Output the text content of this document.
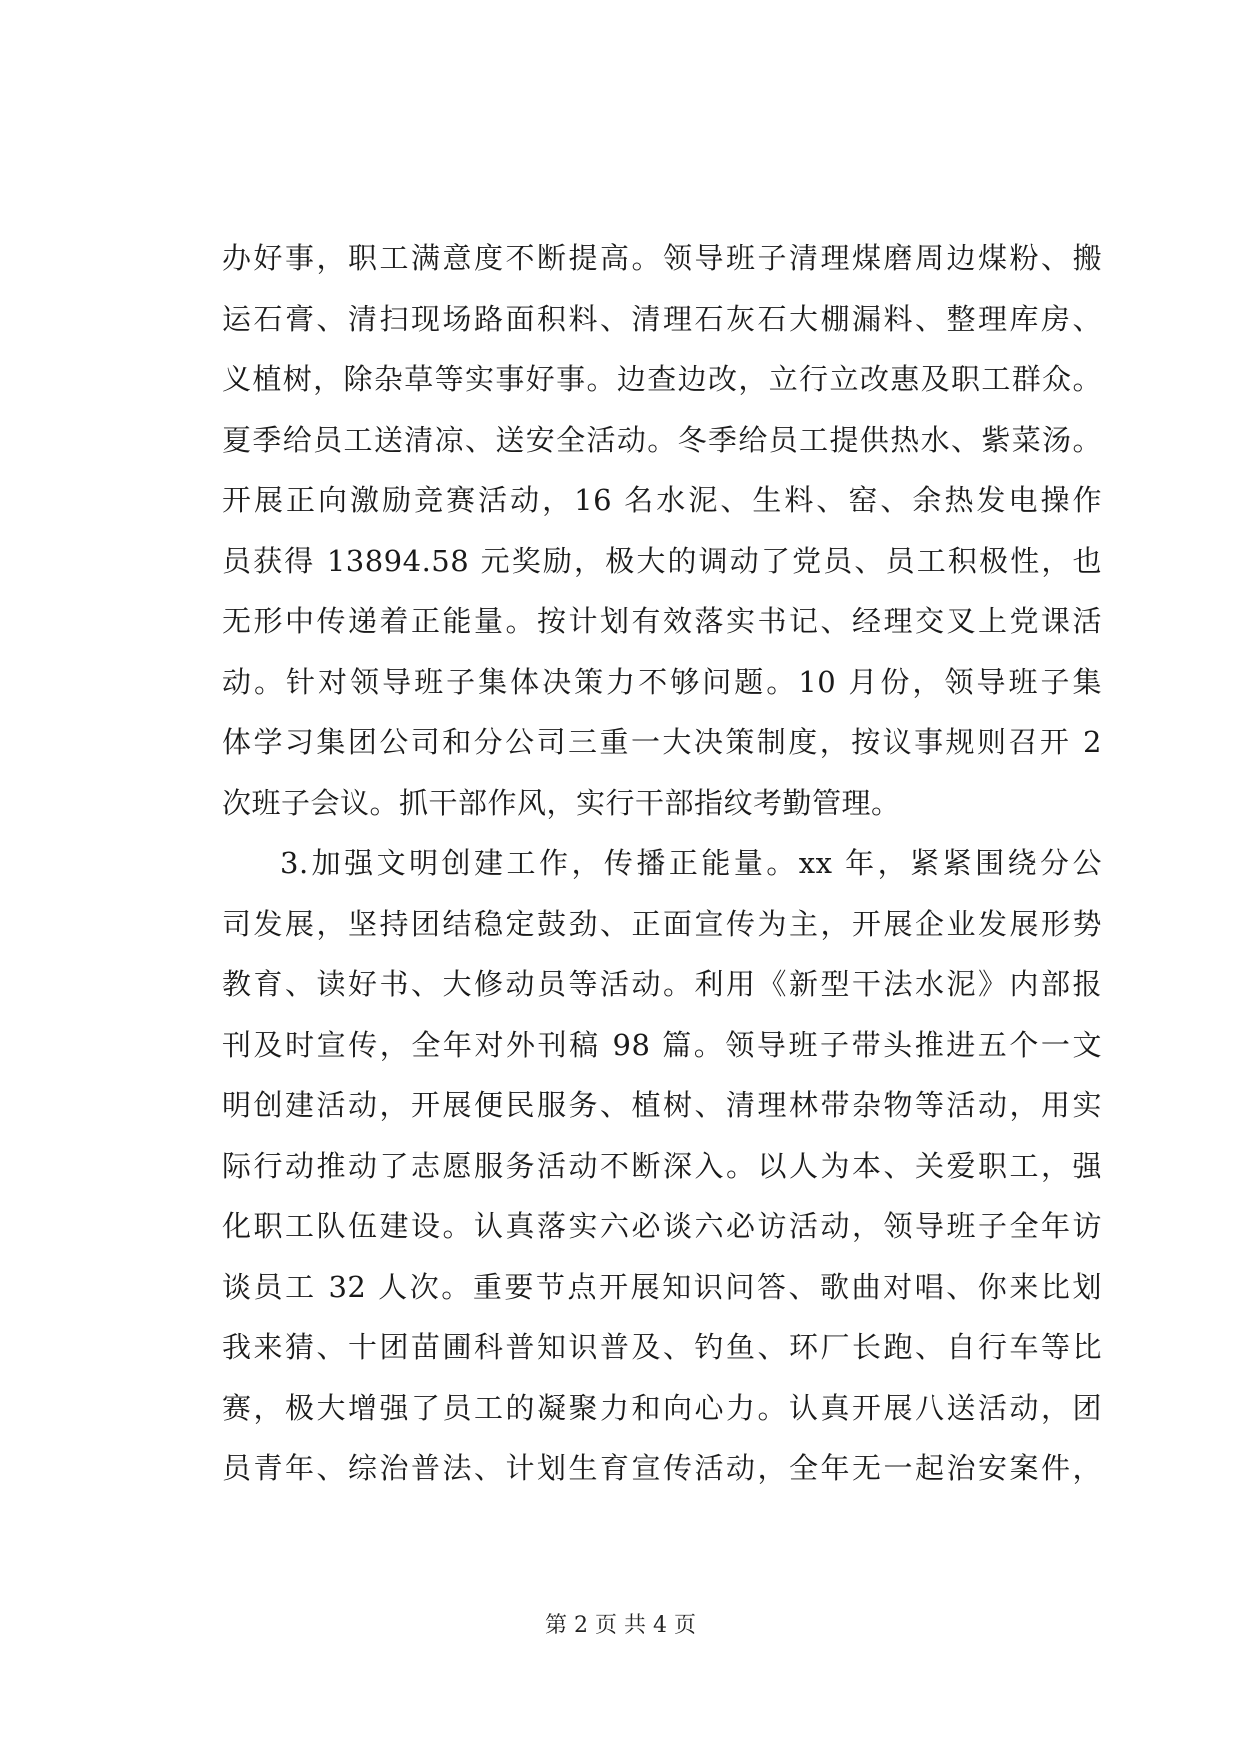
办好事，职工满意度不断提高。领导班子清理煤磨周边煤粉、搬
运石膏、清扫现场路面积料、清理石灰石大棚漏料、整理库房、
义植树，除杂草等实事好事。边查边改，立行立改惠及职工群众。
夏季给员工送清凉、送安全活动。冬季给员工提供热水、紫菜汤。
开展正向激励竞赛活动，16 名水泥、生料、窑、余热发电操作
员获得 13894.58 元奖励，极大的调动了党员、员工积极性，也
无形中传递着正能量。按计划有效落实书记、经理交叉上党课活
动。针对领导班子集体决策力不够问题。10 月份，领导班子集
体学习集团公司和分公司三重一大决策制度，按议事规则召开 2
次班子会议。抓干部作风，实行干部指纹考勤管理。
3.加强文明创建工作，传播正能量。xx 年，紧紧围绕分公
司发展，坚持团结稳定鼓劲、正面宣传为主，开展企业发展形势
教育、读好书、大修动员等活动。利用《新型干法水泥》内部报
刊及时宣传，全年对外刊稿 98 篇。领导班子带头推进五个一文
明创建活动，开展便民服务、植树、清理林带杂物等活动，用实
际行动推动了志愿服务活动不断深入。以人为本、关爱职工，强
化职工队伍建设。认真落实六必谈六必访活动，领导班子全年访
谈员工 32 人次。重要节点开展知识问答、歌曲对唱、你来比划
我来猜、十团苗圃科普知识普及、钓鱼、环厂长跑、自行车等比
赛，极大增强了员工的凝聚力和向心力。认真开展八送活动，团
员青年、综治普法、计划生育宣传活动，全年无一起治安案件，
第 2 页 共 4 页
